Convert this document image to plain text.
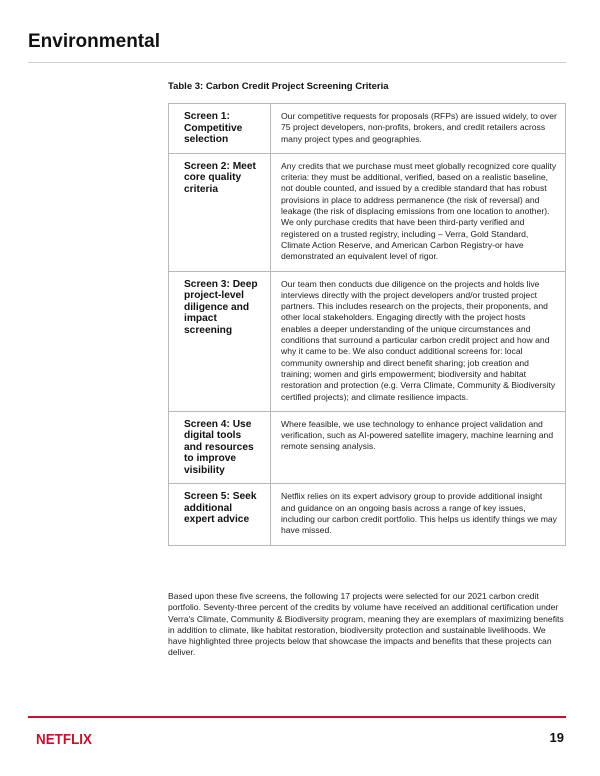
Environmental
Table 3: Carbon Credit Project Screening Criteria
Screen 1: Competitive selection	Our competitive requests for proposals (RFPs) are issued widely, to over 75 project developers, non-profits, brokers, and credit retailers across many project types and geographies.
Screen 2: Meet core quality criteria	Any credits that we purchase must meet globally recognized core quality criteria: they must be additional, verified, based on a realistic baseline, not double counted, and issued by a credible standard that has robust provisions in place to address permanence (the risk of reversal) and leakage (the risk of displacing emissions from one location to another). We only purchase credits that have been third-party verified and registered on a trusted registry, including – Verra, Gold Standard, Climate Action Reserve, and American Carbon Registry-or have demonstrated an equivalent level of rigor.
Screen 3: Deep project-level diligence and impact screening	Our team then conducts due diligence on the projects and holds live interviews directly with the project developers and/or trusted project partners. This includes research on the projects, their proponents, and other local stakeholders. Engaging directly with the project hosts enables a deeper understanding of the unique circumstances and conditions that surround a particular carbon credit project and how and why it came to be. We also conduct additional screens for: local community ownership and direct benefit sharing; job creation and training; women and girls empowerment; biodiversity and habitat restoration and protection (e.g. Verra Climate, Community & Biodiversity certified projects); and climate resilience impacts.
Screen 4: Use digital tools and resources to improve visibility	Where feasible, we use technology to enhance project validation and verification, such as AI-powered satellite imagery, machine learning and remote sensing analysis.
Screen 5: Seek additional expert advice	Netflix relies on its expert advisory group to provide additional insight and guidance on an ongoing basis across a range of key issues, including our carbon credit portfolio. This helps us identify things we may have missed.
Based upon these five screens, the following 17 projects were selected for our 2021 carbon credit portfolio. Seventy-three percent of the credits by volume have received an additional certification under Verra's Climate, Community & Biodiversity program, meaning they are exemplars of maximizing benefits in addition to climate, like habitat restoration, biodiversity protection and sustainable livelihoods. We have highlighted three projects below that showcase the impacts and benefits that these projects can deliver.
NETFLIX	19
